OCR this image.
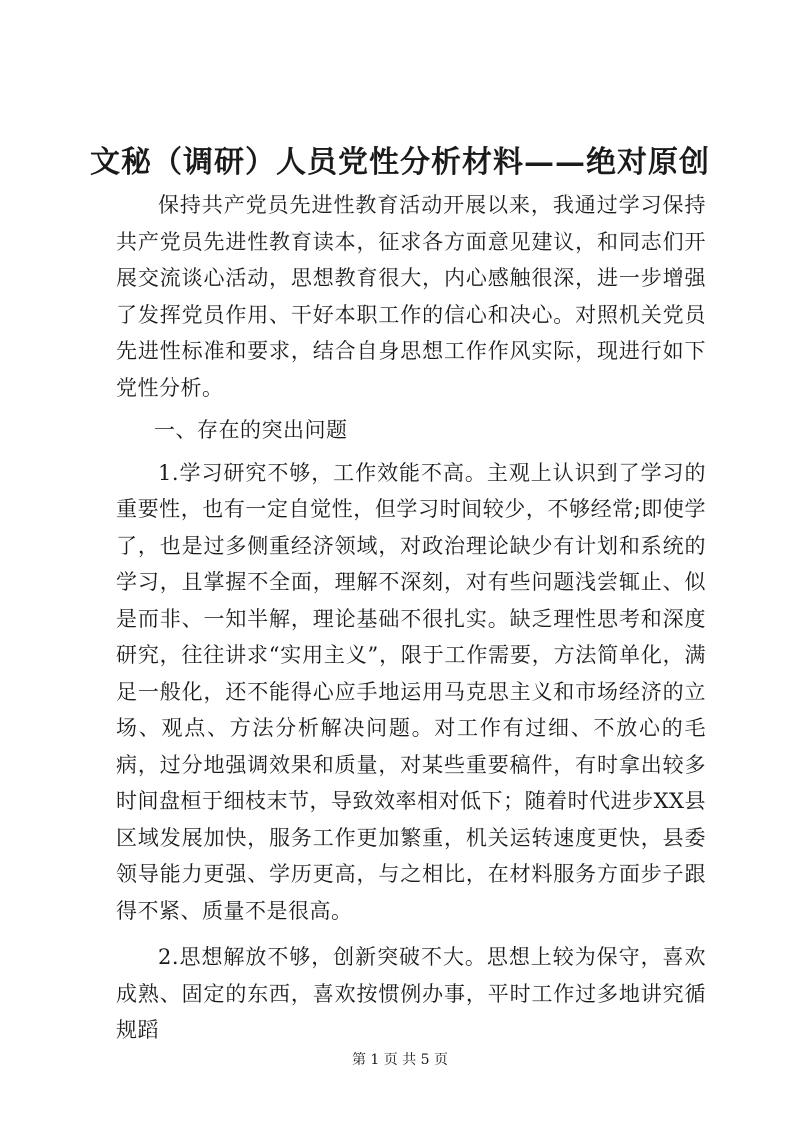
文秘（调研）人员党性分析材料——绝对原创

保持共产党员先进性教育活动开展以来，我通过学习保持共产党员先进性教育读本，征求各方面意见建议，和同志们开展交流谈心活动，思想教育很大，内心感触很深，进一步增强了发挥党员作用、干好本职工作的信心和决心。对照机关党员先进性标准和要求，结合自身思想工作作风实际，现进行如下党性分析。

一、存在的突出问题

1.学习研究不够，工作效能不高。主观上认识到了学习的重要性，也有一定自觉性，但学习时间较少，不够经常;即使学了，也是过多侧重经济领域，对政治理论缺少有计划和系统的学习，且掌握不全面，理解不深刻，对有些问题浅尝辄止、似是而非、一知半解，理论基础不很扎实。缺乏理性思考和深度研究，往往讲求“实用主义”，限于工作需要，方法简单化，满足一般化，还不能得心应手地运用马克思主义和市场经济的立场、观点、方法分析解决问题。对工作有过细、不放心的毛病，过分地强调效果和质量，对某些重要稿件，有时拿出较多时间盘桓于细枝末节，导致效率相对低下；随着时代进步XX县区域发展加快，服务工作更加繁重，机关运转速度更快，县委领导能力更强、学历更高，与之相比，在材料服务方面步子跟得不紧、质量不是很高。

2.思想解放不够，创新突破不大。思想上较为保守，喜欢成熟、固定的东西，喜欢按惯例办事，平时工作过多地讲究循规蹈

第 1 页 共 5 页
